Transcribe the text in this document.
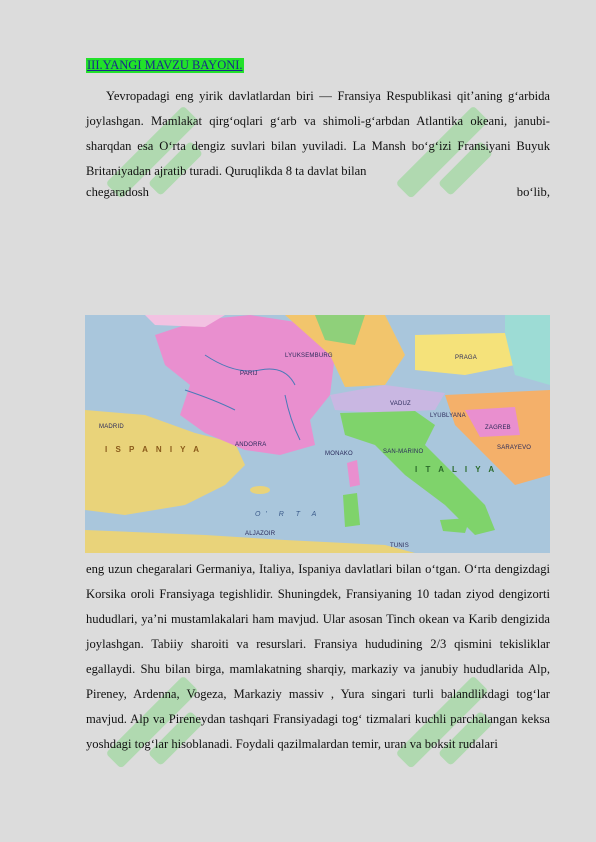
III.YANGI MAVZU BAYONI.

Yevropadagi eng yirik davlatlardan biri — Fransiya Respublikasi qit’aning g‘arbida joylashgan. Mamlakat qirg‘oqlari g‘arb va shimoli-g‘arbdan Atlantika okeani, janubi-sharqdan esa O‘rta dengiz suvlari bilan yuviladi. La Mansh bo‘g‘izi Fransiyani Buyuk Britaniyadan ajratib turadi. Quruqlikda 8 ta davlat bilan

chegaradosh	bo‘lib,
LYUKSEMBURG
PARIJ
PRAGA
VADUZ
LYUBLYANA
ZAGREB
SARAYEVO
ANDORRA
MONAKO	SAN-MARINO
I T A L I Y A
I S P A N I Y A
MADRID
O' R T A
ALJAZOIR
TUNIS

eng uzun chegaralari Germaniya, Italiya, Ispaniya davlatlari bilan o‘tgan. O‘rta dengizdagi Korsika oroli Fransiyaga tegishlidir. Shuningdek, Fransiyaning 10 tadan ziyod dengizorti hududlari, ya’ni mustamlakalari ham mavjud. Ular asosan Tinch okean va Karib dengizida joylashgan. Tabiiy sharoiti va resurslari. Fransiya hududining 2/3 qismini tekisliklar egallaydi. Shu bilan birga, mamlakatning sharqiy, markaziy va janubiy hududlarida Alp, Pireney, Ardenna, Vogeza, Markaziy massiv , Yura singari turli balandlikdagi tog‘lar mavjud. Alp va Pireneydan tashqari Fransiyadagi tog‘ tizmalari kuchli parchalangan keksa yoshdagi tog‘lar hisoblanadi. Foydali qazilmalardan temir, uran va boksit rudalari
